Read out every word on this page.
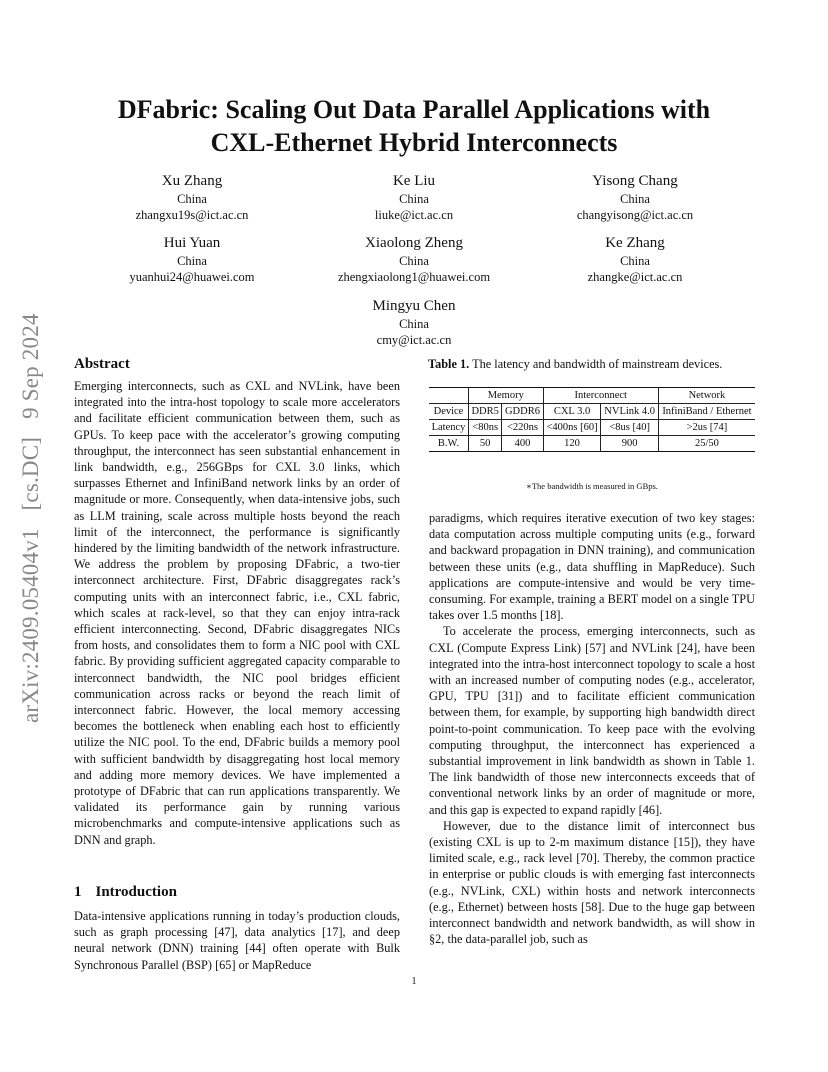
DFabric: Scaling Out Data Parallel Applications with
CXL-Ethernet Hybrid Interconnects
Xu Zhang
China
zhangxu19s@ict.ac.cn
Ke Liu
China
liuke@ict.ac.cn
Yisong Chang
China
changyisong@ict.ac.cn
Hui Yuan
China
yuanhui24@huawei.com
Xiaolong Zheng
China
zhengxiaolong1@huawei.com
Ke Zhang
China
zhangke@ict.ac.cn
Mingyu Chen
China
cmy@ict.ac.cn
arXiv:2409.05404v1 [cs.DC] 9 Sep 2024	Abstract

Emerging interconnects, such as CXL and NVLink, have been integrated into the intra-host topology to scale more accelerators and facilitate efficient communication between them, such as GPUs. To keep pace with the accelerator’s growing computing throughput, the interconnect has seen substantial enhancement in link bandwidth, e.g., 256GBps for CXL 3.0 links, which surpasses Ethernet and InfiniBand network links by an order of magnitude or more. Consequently, when data-intensive jobs, such as LLM training, scale across multiple hosts beyond the reach limit of the interconnect, the performance is significantly hindered by the limiting bandwidth of the network infrastructure. We address the problem by proposing DFabric, a two-tier interconnect architecture. First, DFabric disaggregates rack’s computing units with an interconnect fabric, i.e., CXL fabric, which scales at rack-level, so that they can enjoy intra-rack efficient interconnecting. Second, DFabric disaggregates NICs from hosts, and consolidates them to form a NIC pool with CXL fabric. By providing sufficient aggregated capacity comparable to interconnect bandwidth, the NIC pool bridges efficient communication across racks or beyond the reach limit of interconnect fabric. However, the local memory accessing becomes the bottleneck when enabling each host to efficiently utilize the NIC pool. To the end, DFabric builds a memory pool with sufficient bandwidth by disaggregating host local memory and adding more memory devices. We have implemented a prototype of DFabric that can run applications transparently. We validated its performance gain by running various microbenchmarks and compute-intensive applications such as DNN and graph.

1 Introduction

Data-intensive applications running in today’s production clouds, such as graph processing [47], data analytics [17], and deep neural network (DNN) training [44] often operate with Bulk Synchronous Parallel (BSP) [65] or MapReduce

Table 1. The latency and bandwidth of mainstream devices.
	Memory		Interconnect		Network
Device	DDR5	GDDR6	CXL 3.0	NVLink 4.0	InfiniBand / Ethernet
Latency	<80ns	<220ns	<400ns [60]	<8us [40]	>2us [74]
B.W.	50	400	120	900	25/50
∗The bandwidth is measured in GBps.

paradigms, which requires iterative execution of two key stages: data computation across multiple computing units (e.g., forward and backward propagation in DNN training), and communication between these units (e.g., data shuffling in MapReduce). Such applications are compute-intensive and would be very time-consuming. For example, training a BERT model on a single TPU takes over 1.5 months [18].

To accelerate the process, emerging interconnects, such as CXL (Compute Express Link) [57] and NVLink [24], have been integrated into the intra-host interconnect topology to scale a host with an increased number of computing nodes (e.g., accelerator, GPU, TPU [31]) and to facilitate efficient communication between them, for example, by supporting high bandwidth direct point-to-point communication. To keep pace with the evolving computing throughput, the interconnect has experienced a substantial improvement in link bandwidth as shown in Table 1. The link bandwidth of those new interconnects exceeds that of conventional network links by an order of magnitude or more, and this gap is expected to expand rapidly [46].

However, due to the distance limit of interconnect bus (existing CXL is up to 2-m maximum distance [15]), they have limited scale, e.g., rack level [70]. Thereby, the common practice in enterprise or public clouds is with emerging fast interconnects (e.g., NVLink, CXL) within hosts and network interconnects (e.g., Ethernet) between hosts [58]. Due to the huge gap between interconnect bandwidth and network bandwidth, as will show in §2, the data-parallel job, such as

1
